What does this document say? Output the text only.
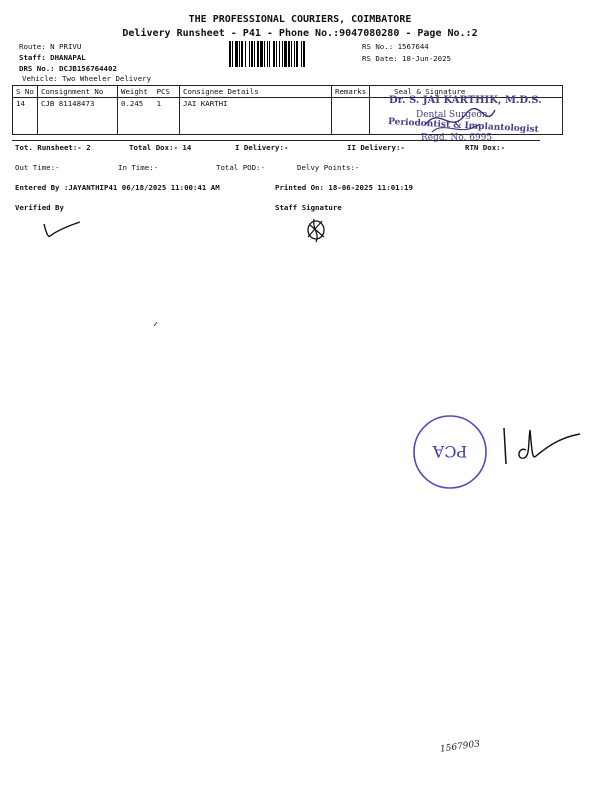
THE PROFESSIONAL COURIERS, COIMBATORE
Delivery Runsheet - P41 - Phone No.:9047080280 - Page No.:2
Route: N PRIVU
Staff: DHANAPAL
DRS No.: DCJB156764402
Vehicle: Two Wheeler Delivery
RS No.: 1567644
RS Date: 18-Jun-2025
S No	Consignment No	Weight PCS	Consignee Details	Remarks	Seal & Signature
14	CJB 81148473	0.245 1	JAI KARTHI			Dr. S. JAI KARTHIK, M.D.S.
Dental Surgeon.
Periodontist & Implantologist
Regd. No. 6995
Tot. Runsheet:- 2	Total Dox:- 14	I Delivery:-	II Delivery:-	RTN Dox:-
Out Time:-	In Time:-	Total POD:-	Delvy Points:-
Entered By :JAYANTHIP41 06/18/2025 11:00:41 AM	Printed On: 18-06-2025 11:01:19
Verified By	Staff Signature
PCA
1567903
